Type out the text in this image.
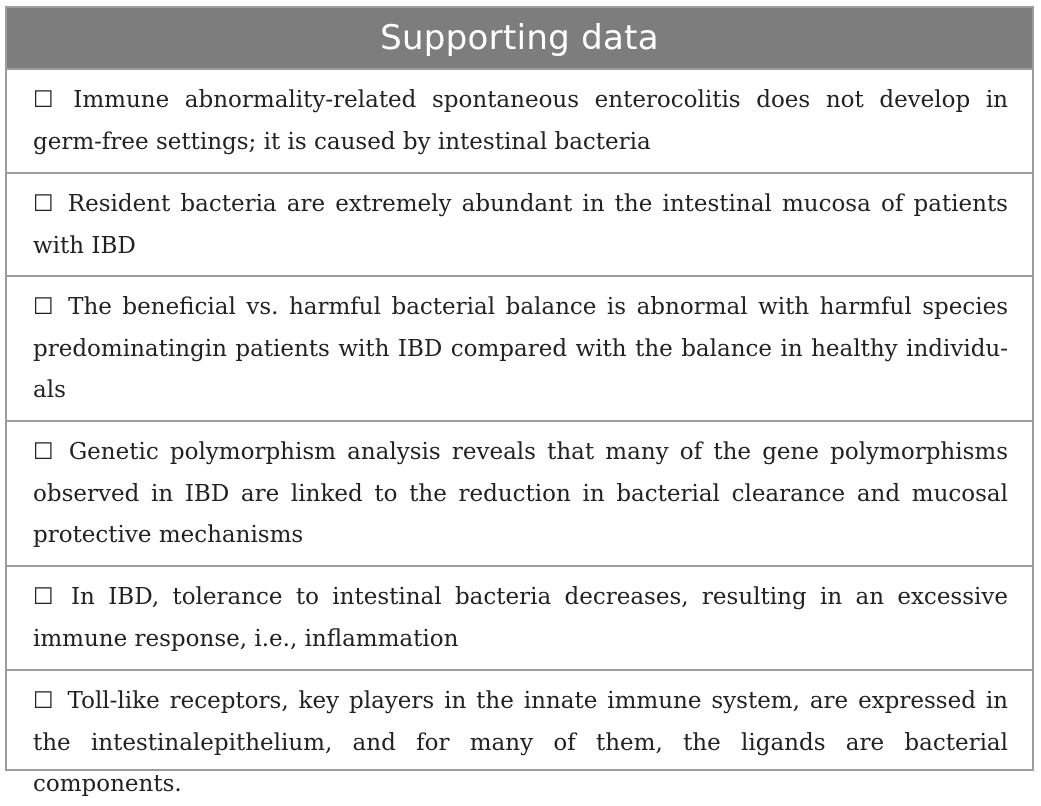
Supporting data
☐ Immune abnormality-related spontaneous enterocolitis does not develop in germ-free settings; it is caused by intestinal bacteria
☐ Resident bacteria are extremely abundant in the intestinal mucosa of patients with IBD
☐ The beneficial vs. harmful bacterial balance is abnormal with harmful species predominatingin patients with IBD compared with the balance in healthy individu-als
☐ Genetic polymorphism analysis reveals that many of the gene polymorphisms observed in IBD are linked to the reduction in bacterial clearance and mucosal protective mechanisms
☐ In IBD, tolerance to intestinal bacteria decreases, resulting in an excessive immune response, i.e., inflammation
☐ Toll-like receptors, key players in the innate immune system, are expressed in the intestinalepithelium, and for many of them, the ligands are bacterial components.
